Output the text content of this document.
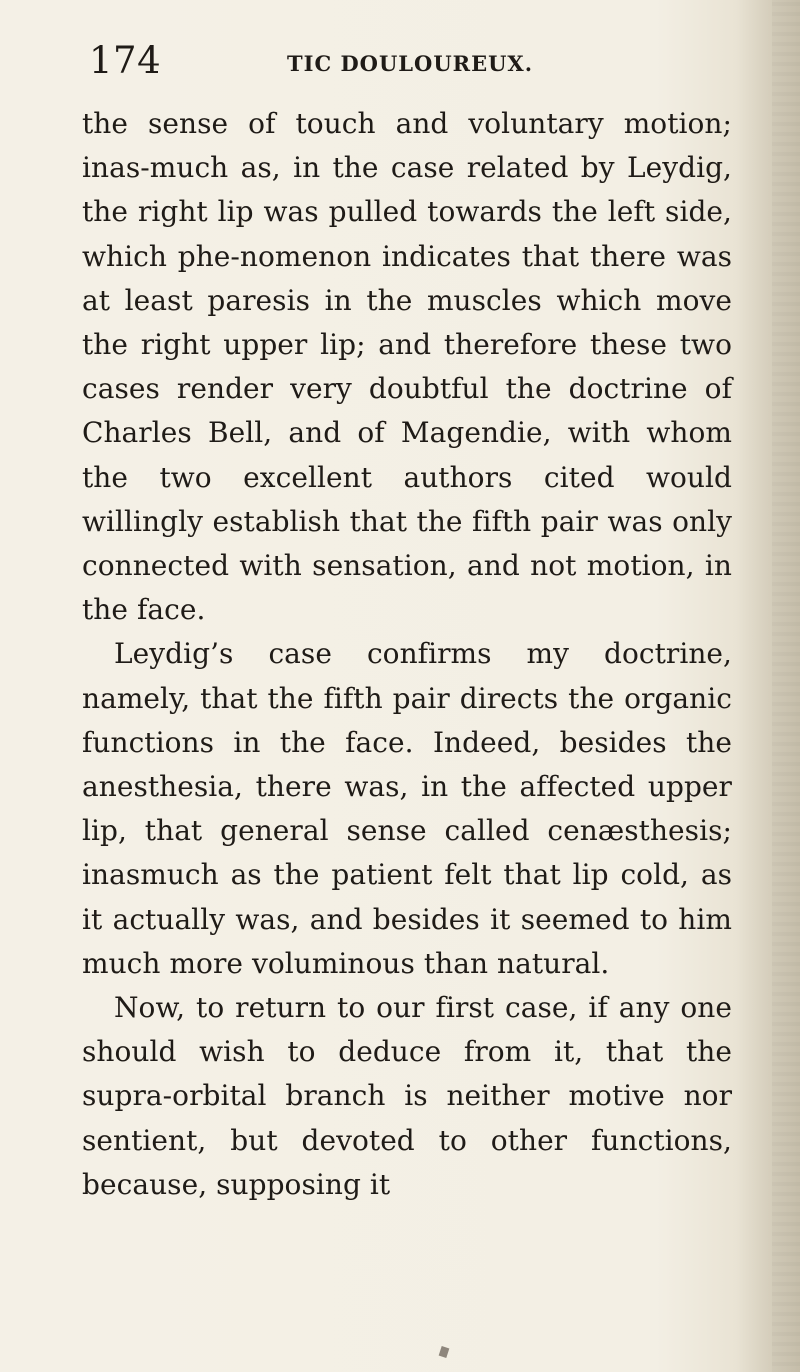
174	TIC DOULOUREUX.

the sense of touch and voluntary motion; inas-much as, in the case related by Leydig, the right lip was pulled towards the left side, which phe-nomenon indicates that there was at least paresis in the muscles which move the right upper lip; and therefore these two cases render very doubtful the doctrine of Charles Bell, and of Magendie, with whom the two excellent authors cited would willingly establish that the fifth pair was only connected with sensation, and not motion, in the face.

Leydig’s case confirms my doctrine, namely, that the fifth pair directs the organic functions in the face. Indeed, besides the anesthesia, there was, in the affected upper lip, that general sense called cenæsthesis; inasmuch as the patient felt that lip cold, as it actually was, and besides it seemed to him much more voluminous than natural.

Now, to return to our first case, if any one should wish to deduce from it, that the supra-orbital branch is neither motive nor sentient, but devoted to other functions, because, supposing it
